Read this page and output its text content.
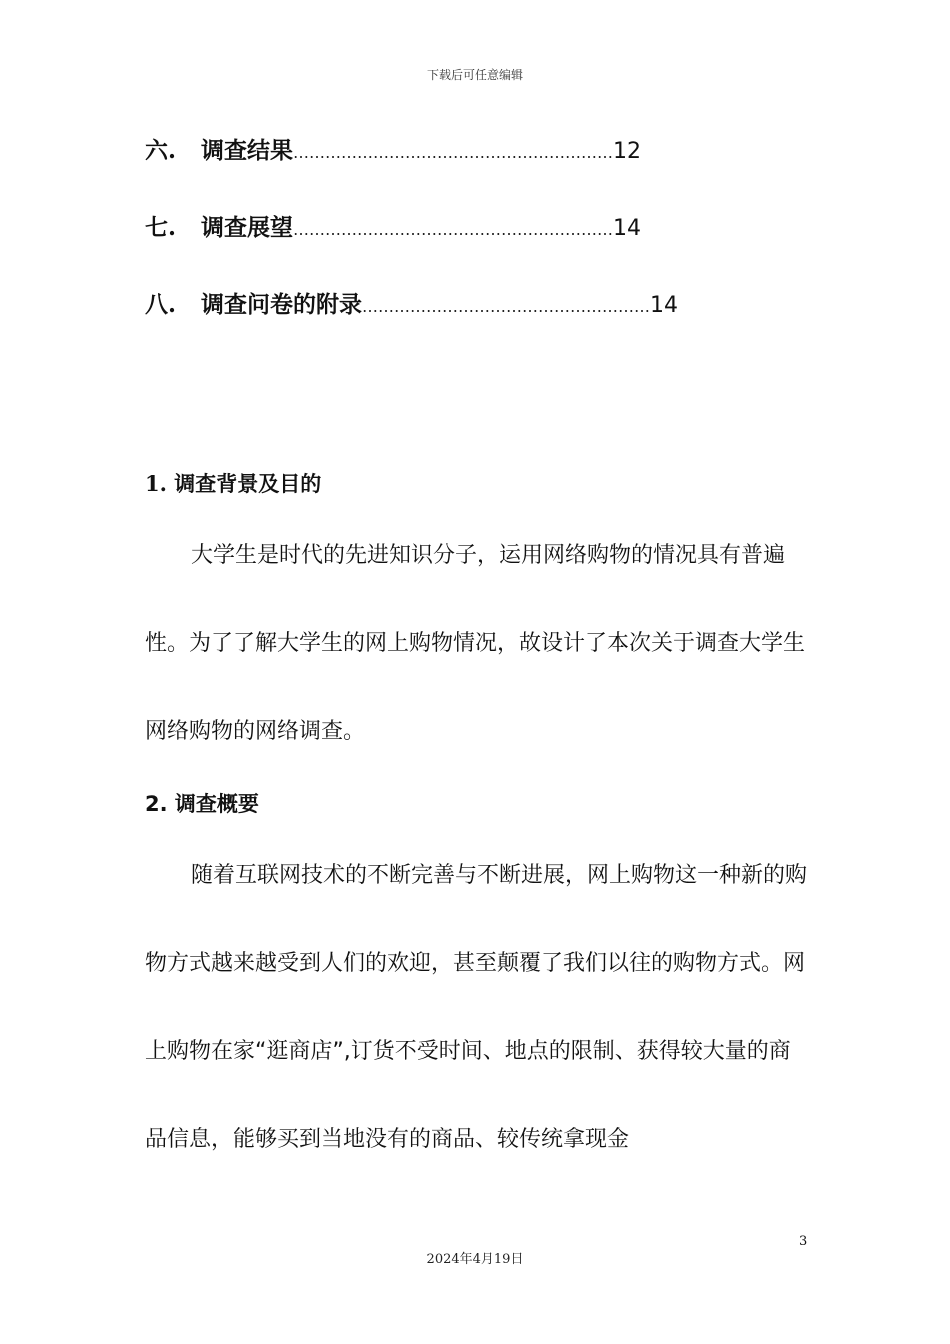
下载后可任意编辑
六.	调查结果 …………………………………………………… 12
七.	调查展望 …………………………………………………… 14
八.	调查问卷的附录 ……………………………………………… 14
1. 调查背景及目的

大学生是时代的先进知识分子，运用网络购物的情况具有普遍性。为了了解大学生的网上购物情况，故设计了本次关于调查大学生网络购物的网络调查。

2. 调查概要

随着互联网技术的不断完善与不断进展，网上购物这一种新的购物方式越来越受到人们的欢迎，甚至颠覆了我们以往的购物方式。网上购物在家“逛商店”,订货不受时间、地点的限制、获得较大量的商品信息，能够买到当地没有的商品、较传统拿现金

3
2024年4月19日
